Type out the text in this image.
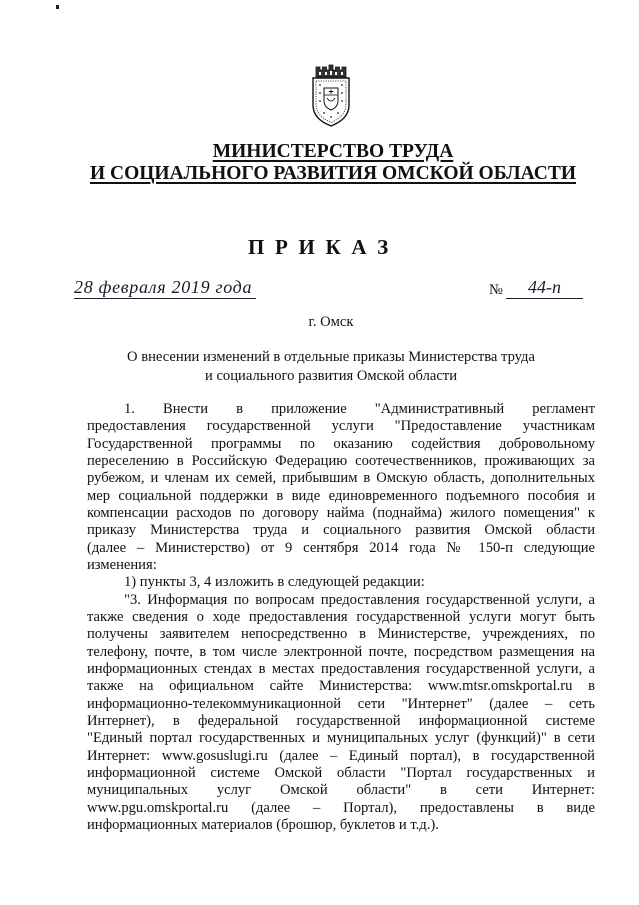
МИНИСТЕРСТВО ТРУДА
И СОЦИАЛЬНОГО РАЗВИТИЯ ОМСКОЙ ОБЛАСТИ
П Р И К А З
28 февраля 2019 года	№	44-п
г. Омск
О внесении изменений в отдельные приказы Министерства труда
и социального развития Омской области
1. Внести в приложение "Административный регламент
предоставления государственной услуги "Предоставление участникам
Государственной программы по оказанию содействия добровольному
переселению в Российскую Федерацию соотечественников, проживающих за
рубежом, и членам их семей, прибывшим в Омскую область, дополнительных
мер социальной поддержки в виде единовременного подъемного пособия и
компенсации расходов по договору найма (поднайма) жилого помещения" к
приказу Министерства труда и социального развития Омской области
(далее – Министерство) от 9 сентября 2014 года № 150-п следующие
изменения:
1) пункты 3, 4 изложить в следующей редакции:
"3. Информация по вопросам предоставления государственной услуги, а
также сведения о ходе предоставления государственной услуги могут быть
получены заявителем непосредственно в Министерстве, учреждениях, по
телефону, почте, в том числе электронной почте, посредством размещения на
информационных стендах в местах предоставления государственной услуги, а
также на официальном сайте Министерства: www.mtsr.omskportal.ru в
информационно-телекоммуникационной сети "Интернет" (далее – сеть
Интернет), в федеральной государственной информационной системе
"Единый портал государственных и муниципальных услуг (функций)" в сети
Интернет: www.gosuslugi.ru (далее – Единый портал), в государственной
информационной системе Омской области "Портал государственных и
муниципальных услуг Омской области" в сети Интернет:
www.pgu.omskportal.ru (далее – Портал), предоставлены в виде
информационных материалов (брошюр, буклетов и т.д.).
